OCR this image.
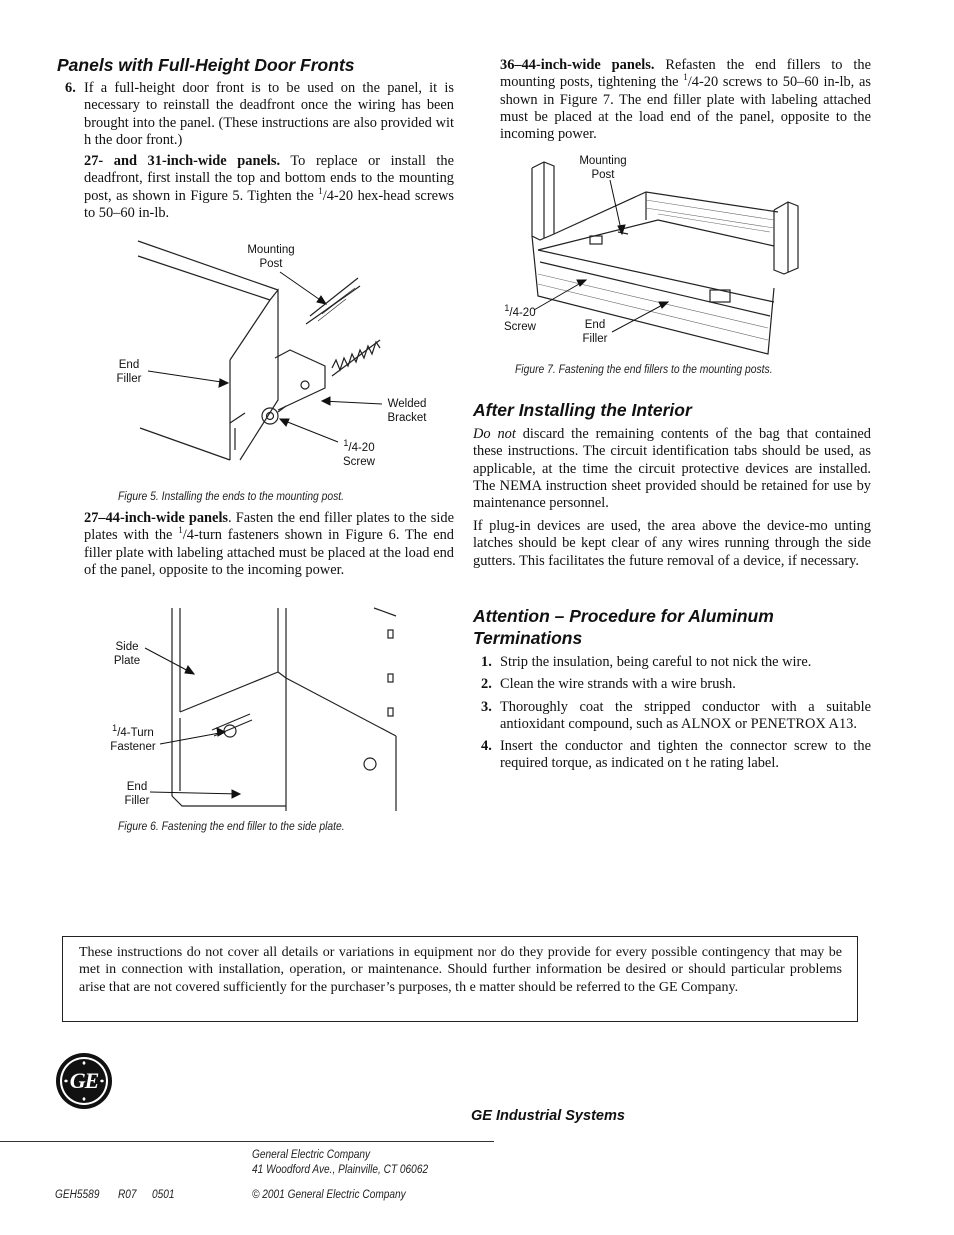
Panels with Full-Height Door Fronts
6. If a full-height door front is to be used on the panel, it is necessary to reinstall the deadfront once the wiring has been brought into the panel. (These instructions are also provided wit h the door front.)

27- and 31-inch-wide panels. To replace or install the deadfront, first install the top and bottom ends to the mounting post, as shown in Figure 5. Tighten the $^1$/4-20 hex-head screws to 50–60 in-lb.

Mounting Post
End Filler
Welded Bracket
$^1$/4-20
Screw
Figure 5. Installing the ends to the mounting post.

27–44-inch-wide panels. Fasten the end filler plates to the side plates with the $^1$/4-turn fasteners shown in Figure 6. The end filler plate with labeling attached must be placed at the load end of the panel, opposite to the incoming power.

Side Plate
$^1$/4-Turn
Fastener
End Filler
Figure 6. Fastening the end filler to the side plate.

36–44-inch-wide panels. Refasten the end fillers to the mounting posts, tightening the $^1$/4-20 screws to 50–60 in-lb, as shown in Figure 7. The end filler plate with labeling attached must be placed at the load end of the panel, opposite to the incoming power.

Mounting Post
$^1$/4-20
Screw	End Filler
Figure 7. Fastening the end fillers to the mounting posts.
After Installing the Interior

Do not discard the remaining contents of the bag that contained these instructions. The circuit identification tabs should be used, as applicable, at the time the circuit protective devices are installed. The NEMA instruction sheet provided should be retained for use by maintenance personnel.

If plug-in devices are used, the area above the device-mo unting latches should be kept clear of any wires running through the side gutters. This facilitates the future removal of a device, if necessary.

Attention – Procedure for Aluminum Terminations
1. Strip the insulation, being careful to not nick the wire.
2. Clean the wire strands with a wire brush.
3. Thoroughly coat the stripped conductor with a suitable antioxidant compound, such as ALNOX or PENETROX A13.
4. Insert the conductor and tighten the connector screw to the required torque, as indicated on t he rating label.

These instructions do not cover all details or variations in equipment nor do they provide for every possible contingency that may be met in connection with installation, operation, or maintenance. Should further information be desired or should particular problems arise that are not covered sufficiently for the purchaser’s purposes, th e matter should be referred to the GE Company.

GE
GE Industrial Systems
General Electric Company
41 Woodford Ave., Plainville, CT 06062
GEH5589 R07 0501	© 2001 General Electric Company
